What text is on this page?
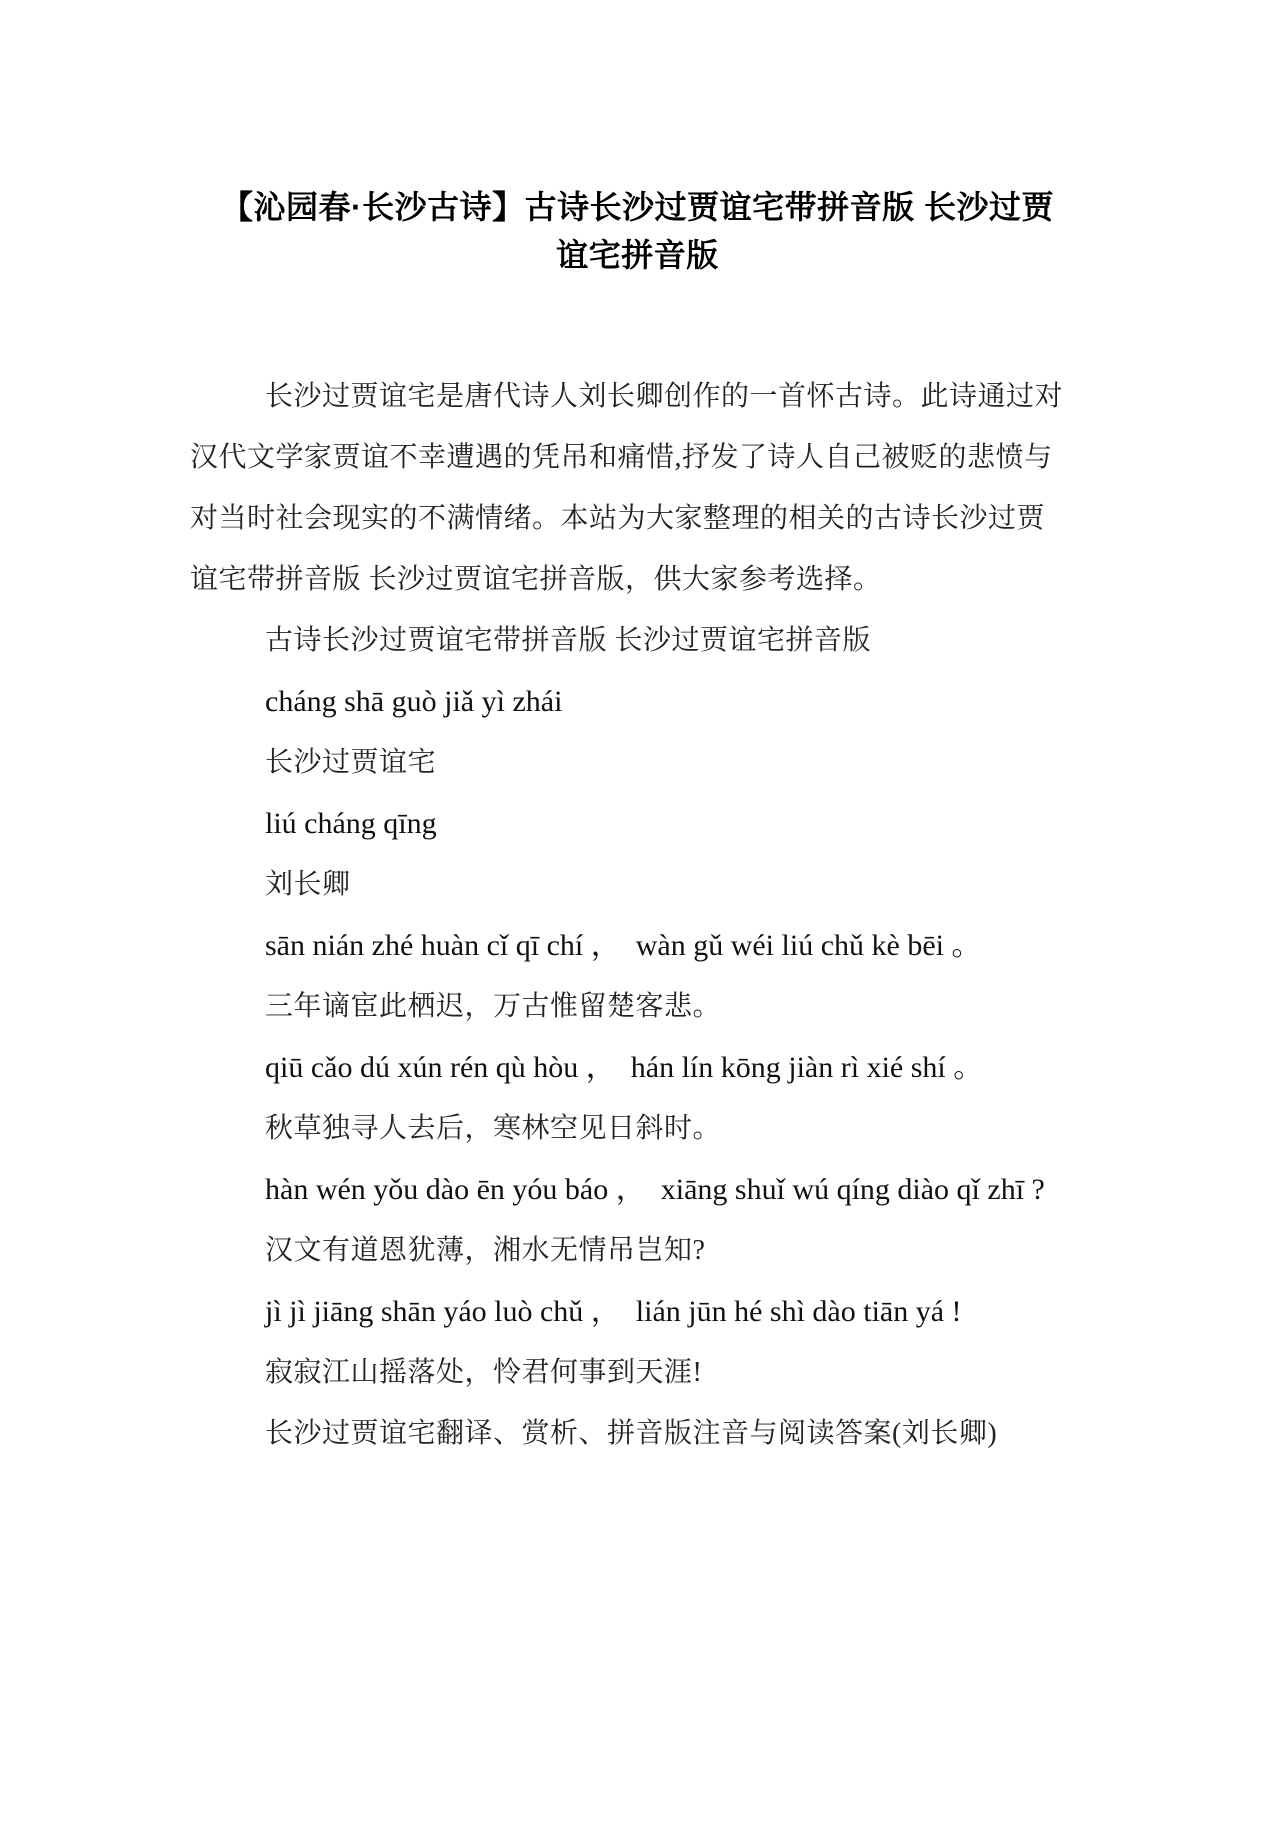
【沁园春·长沙古诗】古诗长沙过贾谊宅带拼音版 长沙过贾
谊宅拼音版
长沙过贾谊宅是唐代诗人刘长卿创作的一首怀古诗。此诗通过对
汉代文学家贾谊不幸遭遇的凭吊和痛惜,抒发了诗人自己被贬的悲愤与
对当时社会现实的不满情绪。本站为大家整理的相关的古诗长沙过贾
谊宅带拼音版 长沙过贾谊宅拼音版，供大家参考选择。
古诗长沙过贾谊宅带拼音版 长沙过贾谊宅拼音版
cháng shā guò jiǎ yì zhái
长沙过贾谊宅
liú cháng qīng
刘长卿
sān nián zhé huàn cǐ qī chí ，  wàn gǔ wéi liú chǔ kè bēi 。
三年谪宦此栖迟，万古惟留楚客悲。
qiū cǎo dú xún rén qù hòu ，  hán lín kōng jiàn rì xié shí 。
秋草独寻人去后，寒林空见日斜时。
hàn wén yǒu dào ēn yóu báo ，  xiāng shuǐ wú qíng diào qǐ zhī ?
汉文有道恩犹薄，湘水无情吊岂知?
jì jì jiāng shān yáo luò chǔ ，  lián jūn hé shì dào tiān yá !
寂寂江山摇落处，怜君何事到天涯!
长沙过贾谊宅翻译、赏析、拼音版注音与阅读答案(刘长卿)
